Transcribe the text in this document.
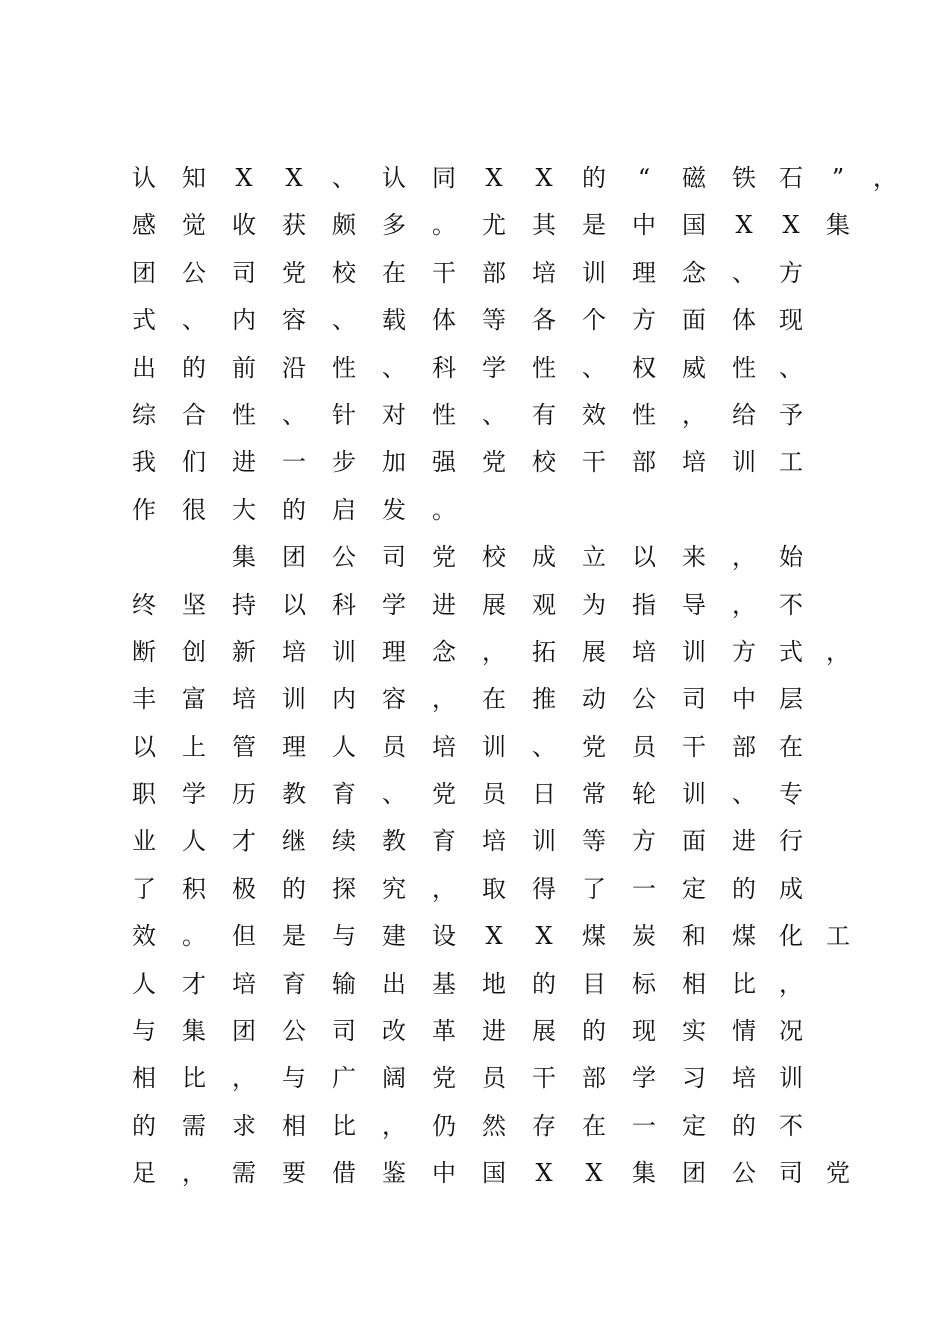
认 知	X	X	、 认 同	X	X	的	“	磁 铁 石	”	，
感 觉 收 获 颇 多 。 尤 其 是 中 国	X	X	集
团 公 司 党 校 在 干 部 培 训 理 念 、 方
式 、 内 容 、 载 体 等 各 个 方 面 体 现
出 的 前 沿 性 、 科 学 性 、 权 威 性 、
综 合 性 、 针 对 性 、 有 效 性 ， 给 予
我 们 进 一 步 加 强 党 校 干 部 培 训 工
作 很 大 的 启 发 。
集 团 公 司 党 校 成 立 以 来 ， 始
终 坚 持 以 科 学 进 展 观 为 指 导 ， 不
断 创 新 培 训 理 念 ， 拓 展 培 训 方 式 ，
丰 富 培 训 内 容 ， 在 推 动 公 司 中 层
以 上 管 理 人 员 培 训 、 党 员 干 部 在
职 学 历 教 育 、 党 员 日 常 轮 训 、 专
业 人 才 继 续 教 育 培 训 等 方 面 进 行
了 积 极 的 探 究 ， 取 得 了 一 定 的 成
效 。 但 是 与 建 设	X	X	煤 炭 和 煤 化 工
人 才 培 育 输 出 基 地 的 目 标 相 比 ，
与 集 团 公 司 改 革 进 展 的 现 实 情 况
相 比 ， 与 广 阔 党 员 干 部 学 习 培 训
的 需 求 相 比 ， 仍 然 存 在 一 定 的 不
足 ， 需 要 借 鉴 中 国	X	X	集 团 公 司 党
